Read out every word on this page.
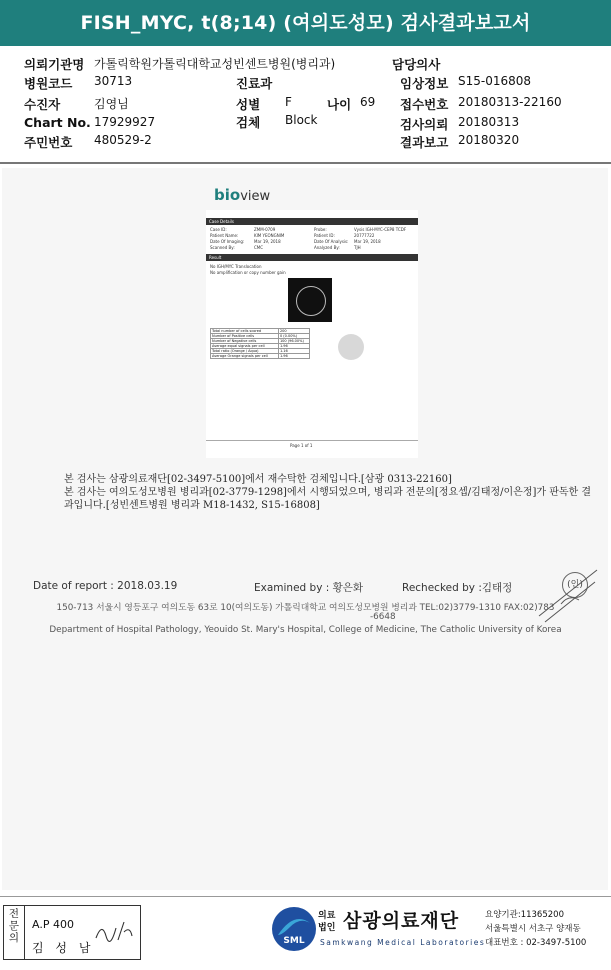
FISH_MYC, t(8;14) (여의도성모) 검사결과보고서
의뢰기관명 가톨릭학원가톨릭대학교성빈센트병원(병리과)	담당의사
병원코드 30713	진료과	임상정보 S15-016808
수진자	김영님	성별 F	나이 69 접수번호 20180313-22160
Chart No. 17929927	검체 Block	검사의뢰 20180313
주민번호 480529-2	결과보고 20180320
bioview
Case Details
Case ID:	ZMM-0709
Patient Name:	KIM YEONGNIM
Date Of Imaging: Mar 19, 2018
Scanned By:	CMC
Probe:	Vysis IGH-MYC-CEP8 TCDF
Patient ID:	20777722
Date Of Analysis: Mar 19, 2018
Analyzed By:	TJH
Result
No IGH/MYC Translocation
No amplification or copy number gain
Total number of cells scored	200
Number of Positive cells	0 (0.00%)
Number of Negative cells	100 (96.00%)
Average equal signals per cell	1.96
Total ratio (Orange / Aqua)	1.16
Average Orange signals per cell	1.96
Page 1 of 1
본 검사는 삼광의료재단[02-3497-5100]에서 재수탁한 검체입니다.[삼광 0313-22160]
본 검사는 여의도성모병원 병리과[02-3779-1298]에서 시행되었으며, 병리과 전문의[정요셉/김태정/이은정]가 판독한 결
과입니다.[성빈센트병원 병리과 M18-1432, S15-16808]
Date of report : 2018.03.19	Examined by : 황은화	Rechecked by :김태정	(인)
150-713 서울시 영등포구 여의도동 63로 10(여의도동) 가톨릭대학교 여의도성모병원 병리과 TEL:02)3779-1310 FAX:02)783
-6648
Department of Hospital Pathology, Yeouido St. Mary's Hospital, College of Medicine, The Catholic University of Korea
전문의
A.P 400
김 성 남	SML
의료
법인 삼광의료재단
Samkwang Medical Laboratories
요양기관:11365200
서울특별시 서초구 양재동
대표번호 : 02-3497-5100
